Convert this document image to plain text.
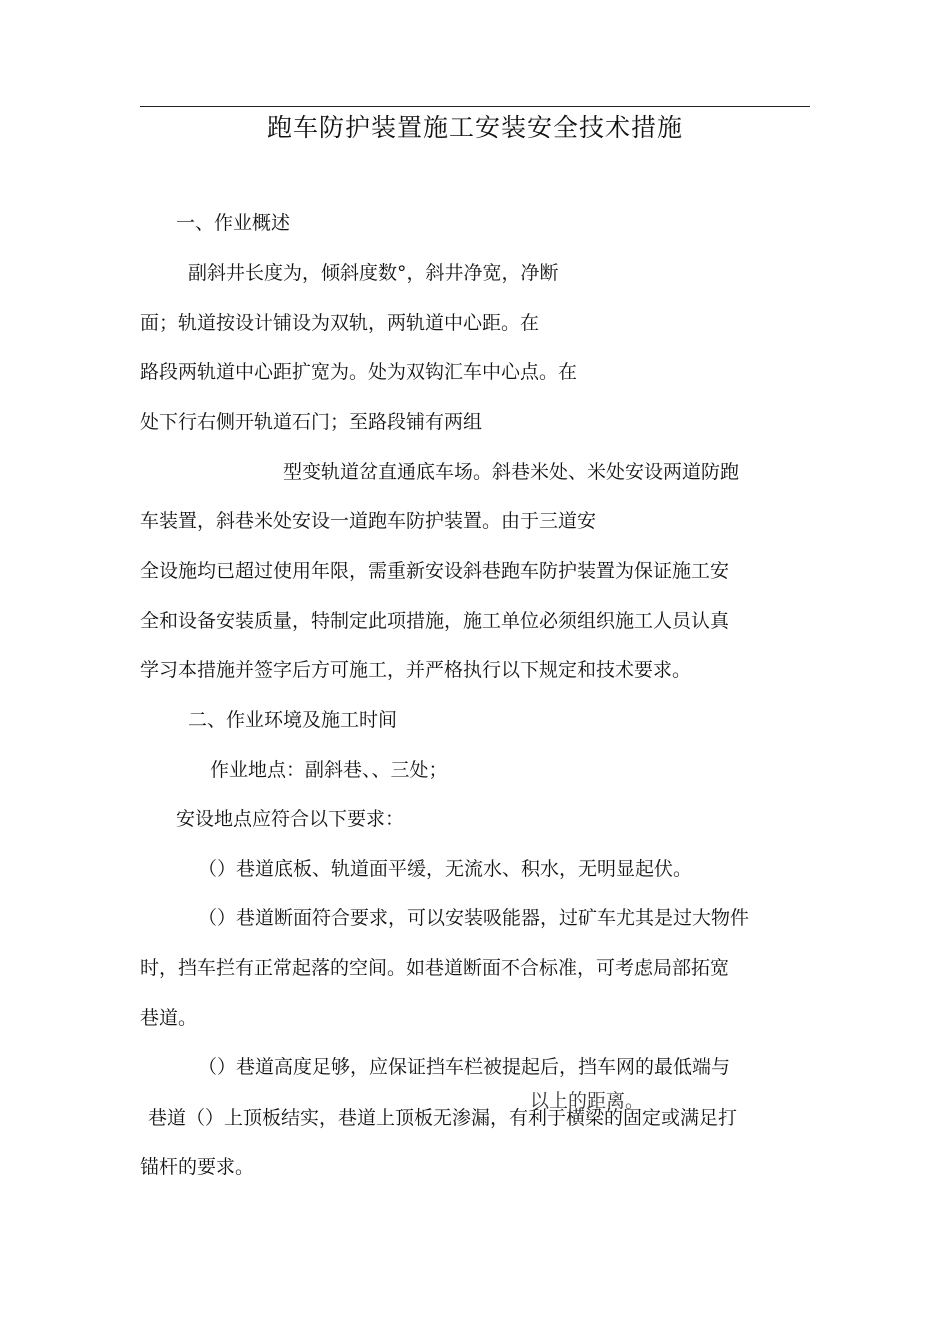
跑车防护装置施工安装安全技术措施
一、作业概述
副斜井长度为，倾斜度数°，斜井净宽，净断
面；轨道按设计铺设为双轨，两轨道中心距。在
路段两轨道中心距扩宽为。处为双钩汇车中心点。在
处下行右侧开轨道石门；至路段铺有两组
型变轨道岔直通底车场。斜巷米处、米处安设两道防跑
车装置，斜巷米处安设一道跑车防护装置。由于三道安
全设施均已超过使用年限，需重新安设斜巷跑车防护装置为保证施工安
全和设备安装质量，特制定此项措施，施工单位必须组织施工人员认真
学习本措施并签字后方可施工，并严格执行以下规定和技术要求。
二、作业环境及施工时间
作业地点：副斜巷、、三处；
安设地点应符合以下要求：
（）巷道底板、轨道面平缓，无流水、积水，无明显起伏。
（）巷道断面符合要求，可以安装吸能器，过矿车尤其是过大物件
时，挡车拦有正常起落的空间。如巷道断面不合标准，可考虑局部拓宽
巷道。
（）巷道高度足够，应保证挡车栏被提起后，挡车网的最低端与
以上的距离。
巷道（）上顶板结实，巷道上顶板无渗漏，有利于横梁的固定或满足打
锚杆的要求。
